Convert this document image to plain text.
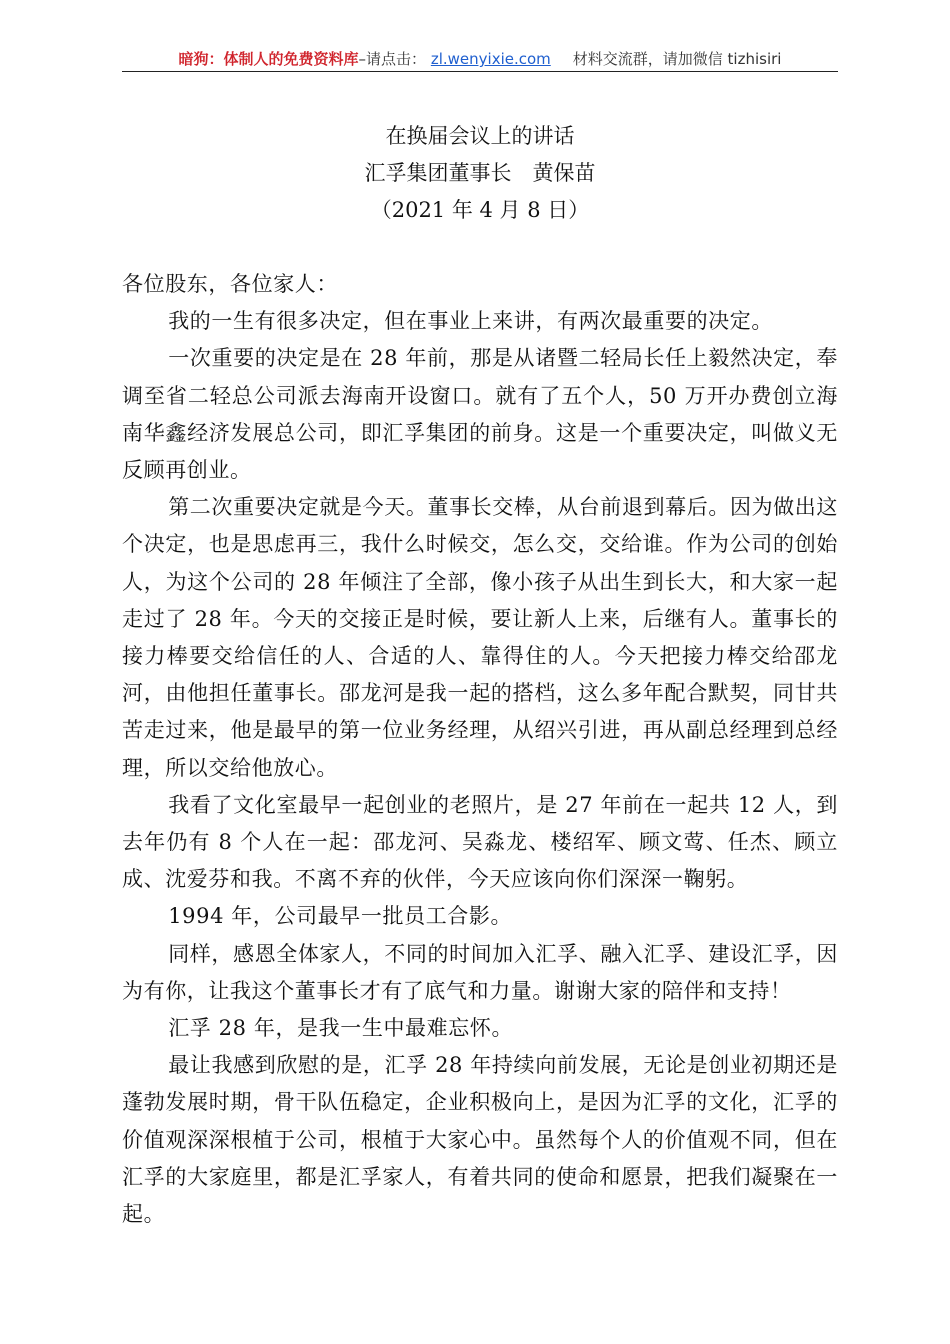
暗狗：体制人的免费资料库–请点击： zl.wenyixie.com 材料交流群，请加微信 tizhisiri
在换届会议上的讲话
汇孚集团董事长　黄保苗
（2021 年 4 月 8 日）

各位股东，各位家人：

我的一生有很多决定，但在事业上来讲，有两次最重要的决定。

一次重要的决定是在 28 年前，那是从诸暨二轻局长任上毅然决定，奉调至省二轻总公司派去海南开设窗口。就有了五个人，50 万开办费创立海南华鑫经济发展总公司，即汇孚集团的前身。这是一个重要决定，叫做义无反顾再创业。

第二次重要决定就是今天。董事长交棒，从台前退到幕后。因为做出这个决定，也是思虑再三，我什么时候交，怎么交，交给谁。作为公司的创始人，为这个公司的 28 年倾注了全部，像小孩子从出生到长大，和大家一起走过了 28 年。今天的交接正是时候，要让新人上来，后继有人。董事长的接力棒要交给信任的人、合适的人、靠得住的人。今天把接力棒交给邵龙河，由他担任董事长。邵龙河是我一起的搭档，这么多年配合默契，同甘共苦走过来，他是最早的第一位业务经理，从绍兴引进，再从副总经理到总经理，所以交给他放心。

我看了文化室最早一起创业的老照片，是 27 年前在一起共 12 人，到去年仍有 8 个人在一起：邵龙河、吴淼龙、楼绍军、顾文莺、任杰、顾立成、沈爱芬和我。不离不弃的伙伴，今天应该向你们深深一鞠躬。

1994 年，公司最早一批员工合影。

同样，感恩全体家人，不同的时间加入汇孚、融入汇孚、建设汇孚，因为有你，让我这个董事长才有了底气和力量。谢谢大家的陪伴和支持！

汇孚 28 年，是我一生中最难忘怀。

最让我感到欣慰的是，汇孚 28 年持续向前发展，无论是创业初期还是蓬勃发展时期，骨干队伍稳定，企业积极向上，是因为汇孚的文化，汇孚的价值观深深根植于公司，根植于大家心中。虽然每个人的价值观不同，但在汇孚的大家庭里，都是汇孚家人，有着共同的使命和愿景，把我们凝聚在一起。
